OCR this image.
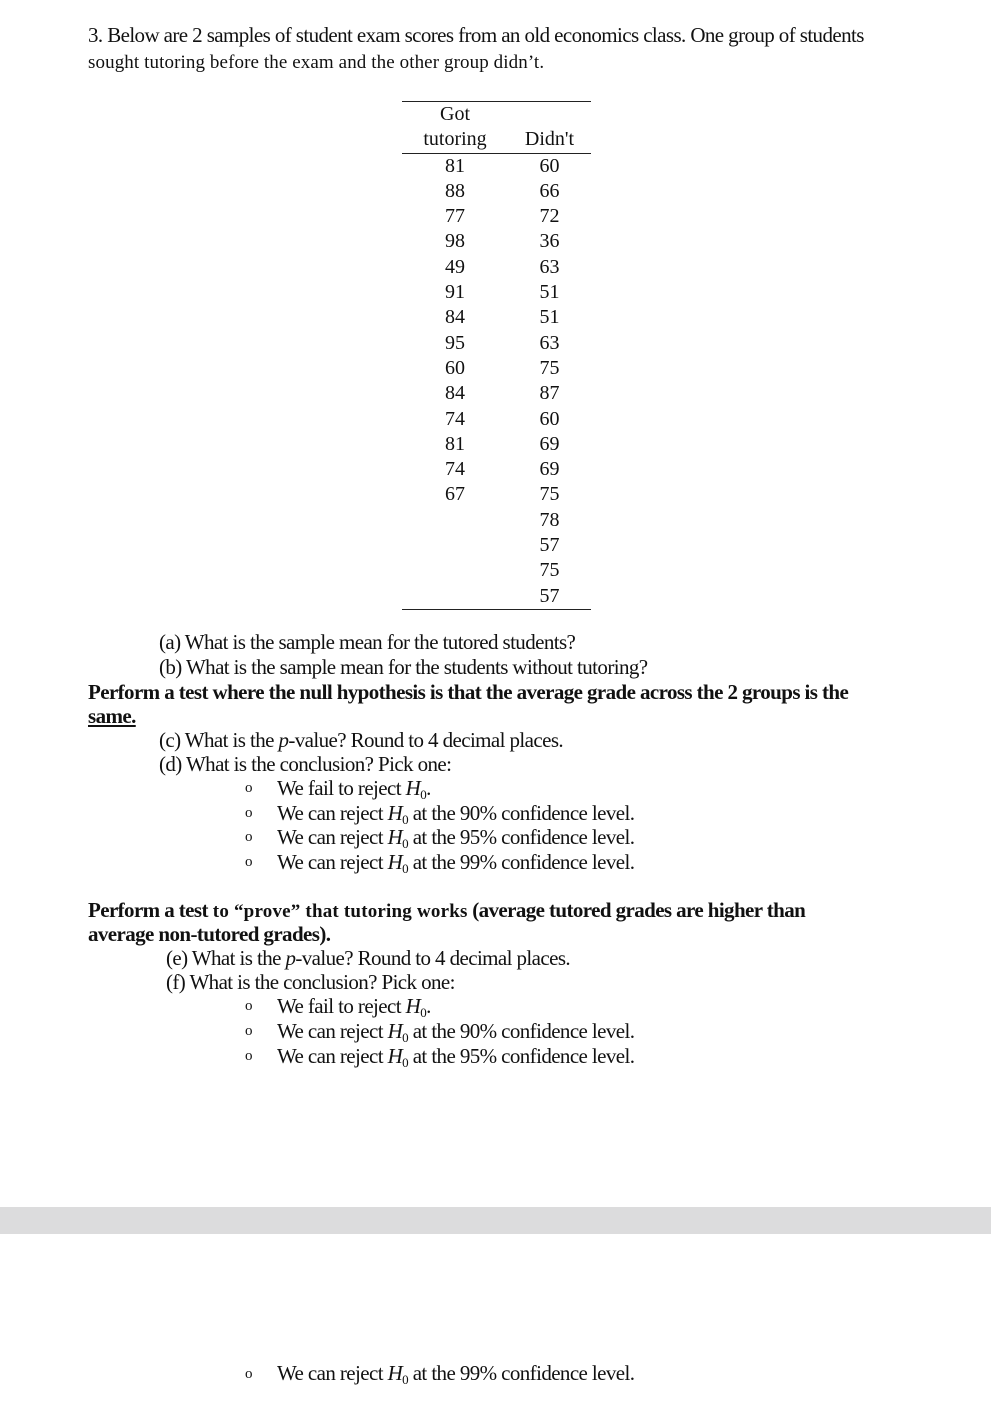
3. Below are 2 samples of student exam scores from an old economics class. One group of students
sought tutoring before the exam and the other group didn’t.
Got	
tutoring	Didn't
81	60
88	66
77	72
98	36
49	63
91	51
84	51
95	63
60	75
84	87
74	60
81	69
74	69
67	75
	78
	57
	75
	57
(a) What is the sample mean for the tutored students?
(b) What is the sample mean for the students without tutoring?
Perform a test where the null hypothesis is that the average grade across the 2 groups is the
same.
(c) What is the p-value? Round to 4 decimal places.
(d) What is the conclusion? Pick one:
o We fail to reject $H_0$.
o We can reject $H_0$ at the 90% confidence level.
o We can reject $H_0$ at the 95% confidence level.
o We can reject $H_0$ at the 99% confidence level.
Perform a test to “prove” that tutoring works (average tutored grades are higher than
average non-tutored grades).
(e) What is the p-value? Round to 4 decimal places.
(f) What is the conclusion? Pick one:
o We fail to reject $H_0$.
o We can reject $H_0$ at the 90% confidence level.
o We can reject $H_0$ at the 95% confidence level.
o We can reject $H_0$ at the 99% confidence level.
